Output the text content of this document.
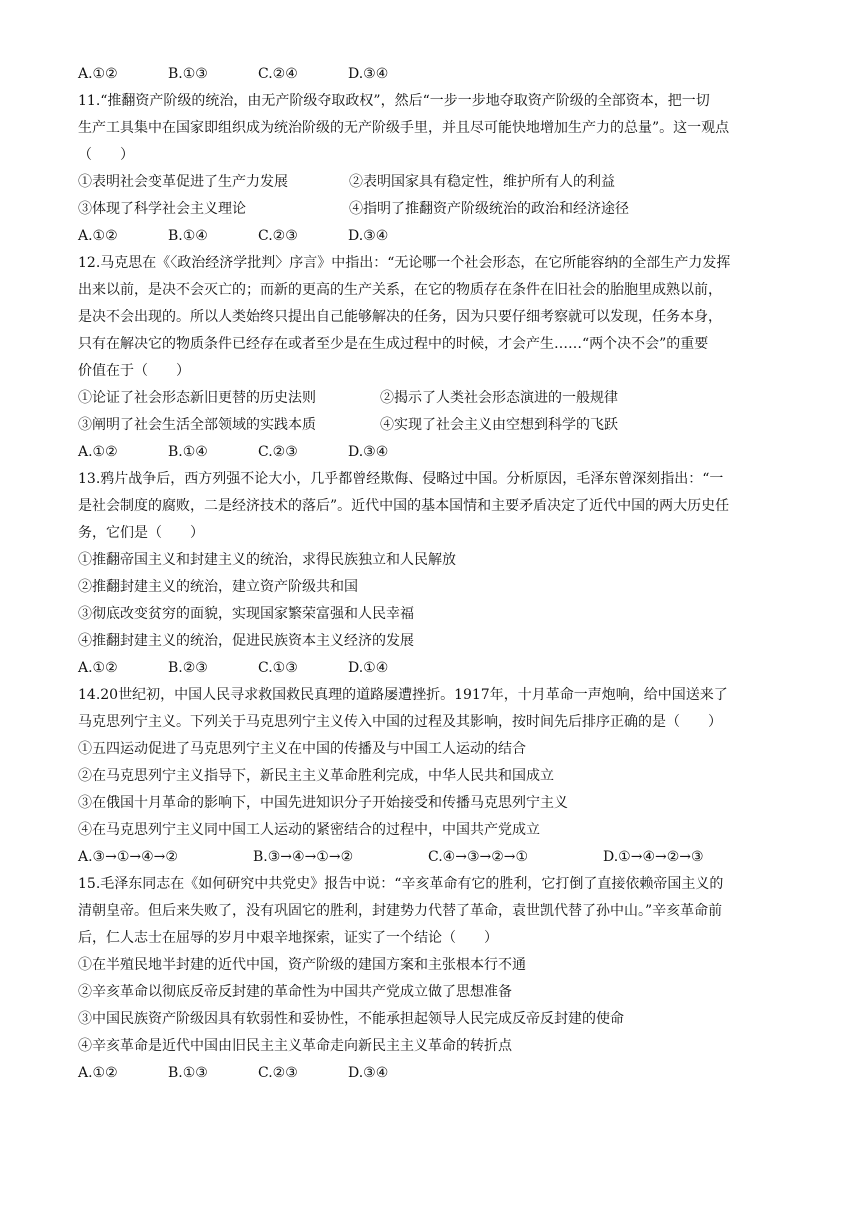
A.①②	B.①③	C.②④	D.③④
11.“推翻资产阶级的统治，由无产阶级夺取政权”，然后“一步一步地夺取资产阶级的全部资本，把一切
生产工具集中在国家即组织成为统治阶级的无产阶级手里，并且尽可能快地增加生产力的总量”。这一观点
（　　）
①表明社会变革促进了生产力发展	②表明国家具有稳定性，维护所有人的利益
③体现了科学社会主义理论	④指明了推翻资产阶级统治的政治和经济途径
A.①②	B.①④	C.②③	D.③④
12.马克思在《〈政治经济学批判〉序言》中指出：“无论哪一个社会形态，在它所能容纳的全部生产力发挥
出来以前，是决不会灭亡的；而新的更高的生产关系，在它的物质存在条件在旧社会的胎胞里成熟以前，
是决不会出现的。所以人类始终只提出自己能够解决的任务，因为只要仔细考察就可以发现，任务本身，
只有在解决它的物质条件已经存在或者至少是在生成过程中的时候，才会产生……“两个决不会”的重要
价值在于（　　）
①论证了社会形态新旧更替的历史法则	②揭示了人类社会形态演进的一般规律
③阐明了社会生活全部领域的实践本质	④实现了社会主义由空想到科学的飞跃
A.①②	B.①④	C.②③	D.③④
13.鸦片战争后，西方列强不论大小，几乎都曾经欺侮、侵略过中国。分析原因，毛泽东曾深刻指出：“一
是社会制度的腐败，二是经济技术的落后”。近代中国的基本国情和主要矛盾决定了近代中国的两大历史任
务，它们是（　　）
①推翻帝国主义和封建主义的统治，求得民族独立和人民解放
②推翻封建主义的统治，建立资产阶级共和国
③彻底改变贫穷的面貌，实现国家繁荣富强和人民幸福
④推翻封建主义的统治，促进民族资本主义经济的发展
A.①②	B.②③	C.①③	D.①④
14.20世纪初，中国人民寻求救国救民真理的道路屡遭挫折。1917年，十月革命一声炮响，给中国送来了
马克思列宁主义。下列关于马克思列宁主义传入中国的过程及其影响，按时间先后排序正确的是（　　）
①五四运动促进了马克思列宁主义在中国的传播及与中国工人运动的结合
②在马克思列宁主义指导下，新民主主义革命胜利完成，中华人民共和国成立
③在俄国十月革命的影响下，中国先进知识分子开始接受和传播马克思列宁主义
④在马克思列宁主义同中国工人运动的紧密结合的过程中，中国共产党成立
A.③→①→④→②	B.③→④→①→②	C.④→③→②→①	D.①→④→②→③
15.毛泽东同志在《如何研究中共党史》报告中说：“辛亥革命有它的胜利，它打倒了直接依赖帝国主义的
清朝皇帝。但后来失败了，没有巩固它的胜利，封建势力代替了革命，袁世凯代替了孙中山。”辛亥革命前
后，仁人志士在屈辱的岁月中艰辛地探索，证实了一个结论（　　）
①在半殖民地半封建的近代中国，资产阶级的建国方案和主张根本行不通
②辛亥革命以彻底反帝反封建的革命性为中国共产党成立做了思想准备
③中国民族资产阶级因具有软弱性和妥协性，不能承担起领导人民完成反帝反封建的使命
④辛亥革命是近代中国由旧民主主义革命走向新民主主义革命的转折点
A.①②	B.①③	C.②③	D.③④
